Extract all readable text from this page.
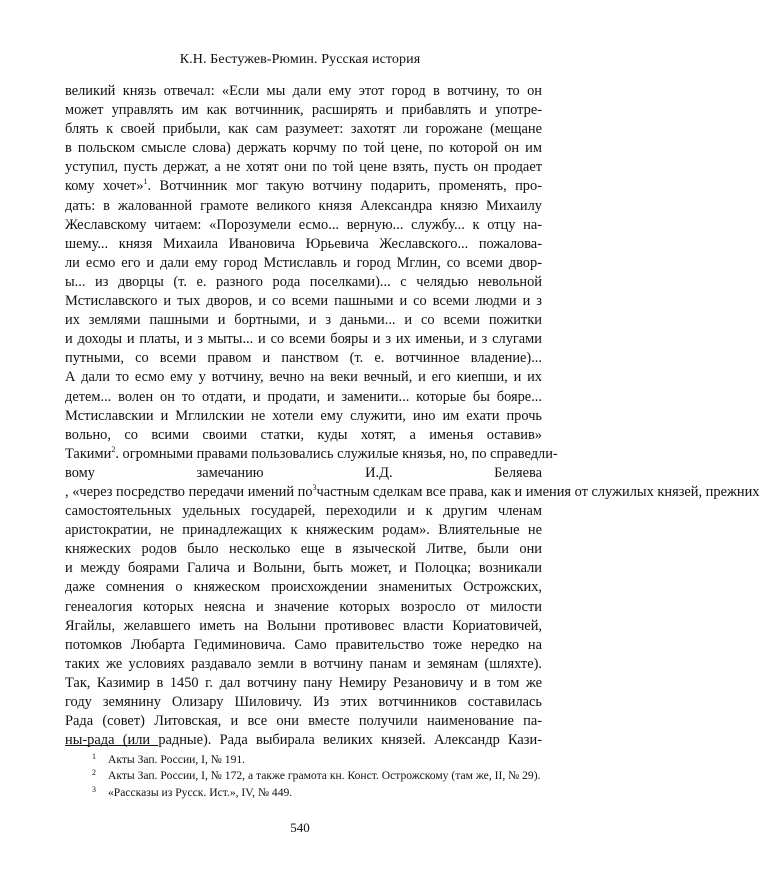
К.Н. Бестужев-Рюмин. Русская история
великий князь отвечал: «Если мы дали ему этот город в вотчину, то он
может управлять им как вотчинник, расширять и прибавлять и употре-
блять к своей прибыли, как сам разумеет: захотят ли горожане (мещане
в польском смысле слова) держать корчму по той цене, по которой он им
уступил, пусть держат, а не хотят они по той цене взять, пусть он продает
кому хочет»$^1$. Вотчинник мог такую вотчину подарить, променять, про-
дать: в жалованной грамоте великого князя Александра князю Михаилу
Жеславскому читаем: «Порозумели есмо... верную... службу... к отцу на-
шему... князя Михаила Ивановича Юрьевича Жеславского... пожалова-
ли есмо его и дали ему город Мстиславль и город Мглин, со всеми двор-
ы... из дворцы (т. е. разного рода поселками)... с челядью невольной
Мстиславского и тых дворов, и со всеми пашными и со всеми людми и з
их землями пашными и бортными, и з даньми... и со всеми пожитки
и доходы и платы, и з мыты... и со всеми бояры и з их именьи, и з слугами
путными, со всеми правом и панством (т. е. вотчинное владение)...
А дали то есмо ему у вотчину, вечно на веки вечный, и его киепши, и их
детем... волен он то отдати, и продати, и заменити... которые бы бояре...
Мстиславскии и Мглилскии не хотели ему служити, ино им ехати прочь
вольно, со всими своими статки, куды хотят, а именья оставив»
Такими$^2$. огромными правами пользовались служилые князья, но, по справедли-
вому замечанию И.Д. Беляева
, «через посредство передачи имений $по^3частным$ сделкам все права, как и имения от служилых князей, прежних
самостоятельных удельных государей, переходили и к другим членам
аристократии, не принадлежащих к княжеским родам». Влиятельные не
княжеских родов было несколько еще в языческой Литве, были они
и между боярами Галича и Волыни, быть может, и Полоцка; возникали
даже сомнения о княжеском происхождении знаменитых Острожских,
генеалогия которых неясна и значение которых возросло от милости
Ягайлы, желавшего иметь на Волыни противовес власти Кориатовичей,
потомков Любарта Гедиминовича. Само правительство тоже нередко на
таких же условиях раздавало земли в вотчину панам и земянам (шляхте).
Так, Казимир в 1450 г. дал вотчину пану Немиру Резановичу и в том же
году земянину Олизару Шиловичу. Из этих вотчинников составилась
Рада (совет) Литовская, и все они вместе получили наименование па-
ны-рада (или радные). Рада выбирала великих князей. Александр Кази-
1 Акты Зап. России, I, № 191.
2 Акты Зап. России, I, № 172, а также грамота кн. Конст. Острожскому (там же, II, № 29).
3 «Рассказы из Русск. Ист.», IV, № 449.
540
